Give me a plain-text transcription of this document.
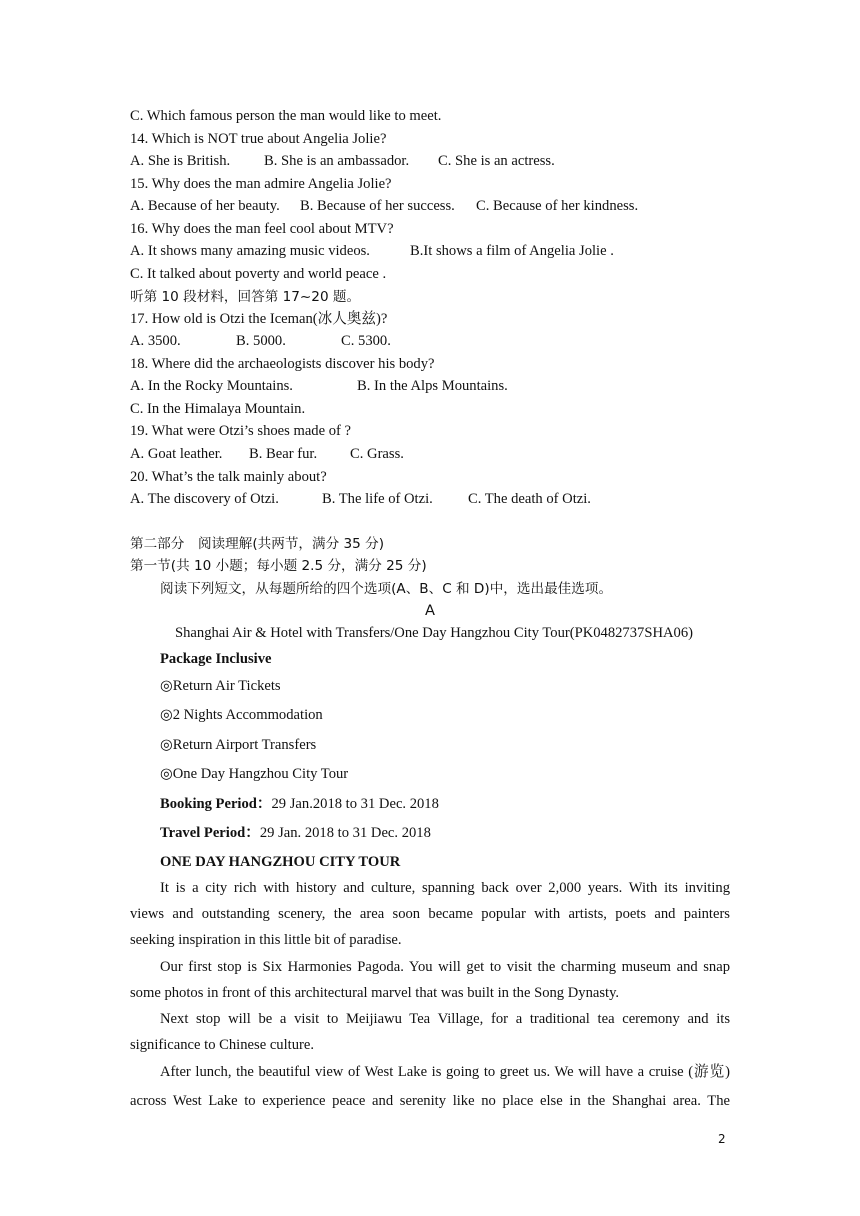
C. Which famous person the man would like to meet.
14. Which is NOT true about Angelia Jolie?
A. She is British. B. She is an ambassador. C. She is an actress.
15. Why does the man admire Angelia Jolie?
A. Because of her beauty. B. Because of her success. C. Because of her kindness.
16. Why does the man feel cool about MTV?
A. It shows many amazing music videos.	B.It shows a film of Angelia Jolie .
C. It talked about poverty and world peace .
听第 10 段材料，回答第 17~20 题。
17. How old is Otzi the Iceman(冰人奥兹)?
A. 3500.	B. 5000.	C. 5300.
18. Where did the archaeologists discover his body?
A. In the Rocky Mountains.	B. In the Alps Mountains.
C. In the Himalaya Mountain.
19. What were Otzi’s shoes made of ?
A. Goat leather. B. Bear fur. C. Grass.
20. What’s the talk mainly about?
A. The discovery of Otzi.	B. The life of Otzi. C. The death of Otzi.
第二部分　阅读理解(共两节，满分 35 分)
第一节(共 10 小题；每小题 2.5 分，满分 25 分)
阅读下列短文，从每题所给的四个选项(A、B、C 和 D)中，选出最佳选项。
A
Shanghai Air & Hotel with Transfers/One Day Hangzhou City Tour(PK0482737SHA06)
Package Inclusive
◎Return Air Tickets
◎2 Nights Accommodation
◎Return Airport Transfers
◎One Day Hangzhou City Tour
Booking Period：29 Jan.2018 to 31 Dec. 2018
Travel Period：29 Jan. 2018 to 31 Dec. 2018
ONE DAY HANGZHOU CITY TOUR
It is a city rich with history and culture, spanning back over 2,000 years. With its inviting
views and outstanding scenery, the area soon became popular with artists, poets and painters
seeking inspiration in this little bit of paradise.
Our first stop is Six Harmonies Pagoda. You will get to visit the charming museum and snap
some photos in front of this architectural marvel that was built in the Song Dynasty.
Next stop will be a visit to Meijiawu Tea Village, for a traditional tea ceremony and its
significance to Chinese culture.
After lunch, the beautiful view of West Lake is going to greet us. We will have a cruise (游览)
across West Lake to experience peace and serenity like no place else in the Shanghai area. The
2
